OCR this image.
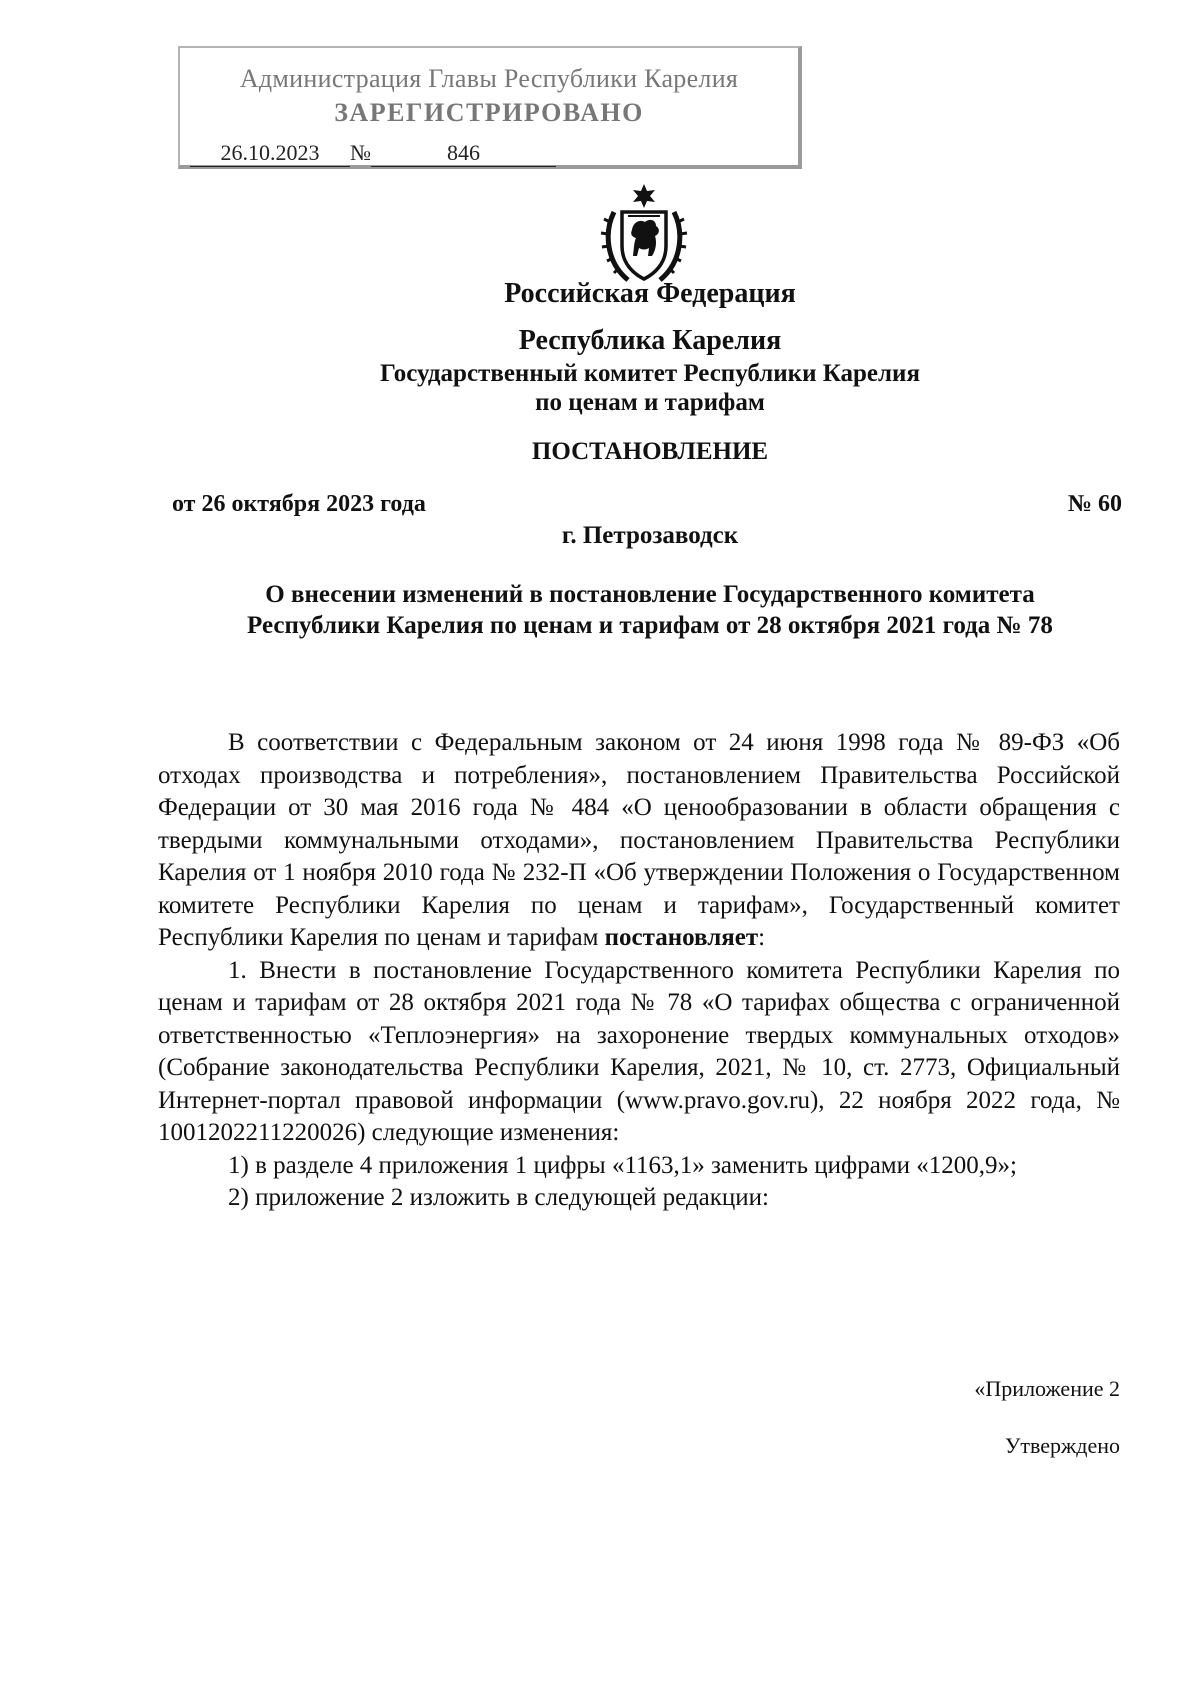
Администрация Главы Республики Карелия
ЗАРЕГИСТРИРОВАНО
26.10.2023 №	846
Российская Федерация
Республика Карелия
Государственный комитет Республики Карелия
по ценам и тарифам
ПОСТАНОВЛЕНИЕ
от 26 октября 2023 года	№ 60
г. Петрозаводск
О внесении изменений в постановление Государственного комитета
Республики Карелия по ценам и тарифам от 28 октября 2021 года № 78

В соответствии с Федеральным законом от 24 июня 1998 года № 89-ФЗ «Об отходах производства и потребления», постановлением Правительства Российской Федерации от 30 мая 2016 года № 484 «О ценообразовании в области обращения с твердыми коммунальными отходами», постановлением Правительства Республики Карелия от 1 ноября 2010 года № 232-П «Об утверждении Положения о Государственном комитете Республики Карелия по ценам и тарифам», Государственный комитет Республики Карелия по ценам и тарифам постановляет:

1. Внести в постановление Государственного комитета Республики Карелия по ценам и тарифам от 28 октября 2021 года № 78 «О тарифах общества с ограниченной ответственностью «Теплоэнергия» на захоронение твердых коммунальных отходов» (Собрание законодательства Республики Карелия, 2021, № 10, ст. 2773, Официальный Интернет-портал правовой информации (www.pravo.gov.ru), 22 ноября 2022 года, № 1001202211220026) следующие изменения:

1) в разделе 4 приложения 1 цифры «1163,1» заменить цифрами «1200,9»;

2) приложение 2 изложить в следующей редакции:

«Приложение 2
Утверждено
